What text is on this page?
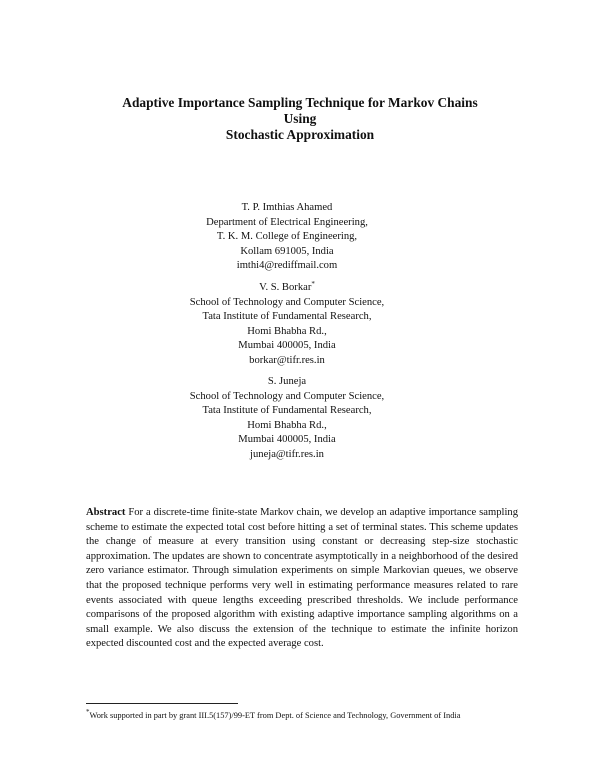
Adaptive Importance Sampling Technique for Markov Chains
Using
Stochastic Approximation
T. P. Imthias Ahamed
Department of Electrical Engineering,
T. K. M. College of Engineering,
Kollam 691005, India
imthi4@rediffmail.com
V. S. Borkar*
School of Technology and Computer Science,
Tata Institute of Fundamental Research,
Homi Bhabha Rd.,
Mumbai 400005, India
borkar@tifr.res.in
S. Juneja
School of Technology and Computer Science,
Tata Institute of Fundamental Research,
Homi Bhabha Rd.,
Mumbai 400005, India
juneja@tifr.res.in
Abstract For a discrete-time finite-state Markov chain, we develop an adaptive importance sampling scheme to estimate the expected total cost before hitting a set of terminal states. This scheme updates the change of measure at every transition using constant or decreasing step-size stochastic approximation. The updates are shown to concentrate asymptotically in a neighborhood of the desired zero variance estimator. Through simulation experiments on simple Markovian queues, we observe that the proposed technique performs very well in estimating performance measures related to rare events associated with queue lengths exceeding prescribed thresholds. We include performance comparisons of the proposed algorithm with existing adaptive importance sampling algorithms on a small example. We also discuss the extension of the technique to estimate the infinite horizon expected discounted cost and the expected average cost.
*Work supported in part by grant III.5(157)/99-ET from Dept. of Science and Technology, Government of India
